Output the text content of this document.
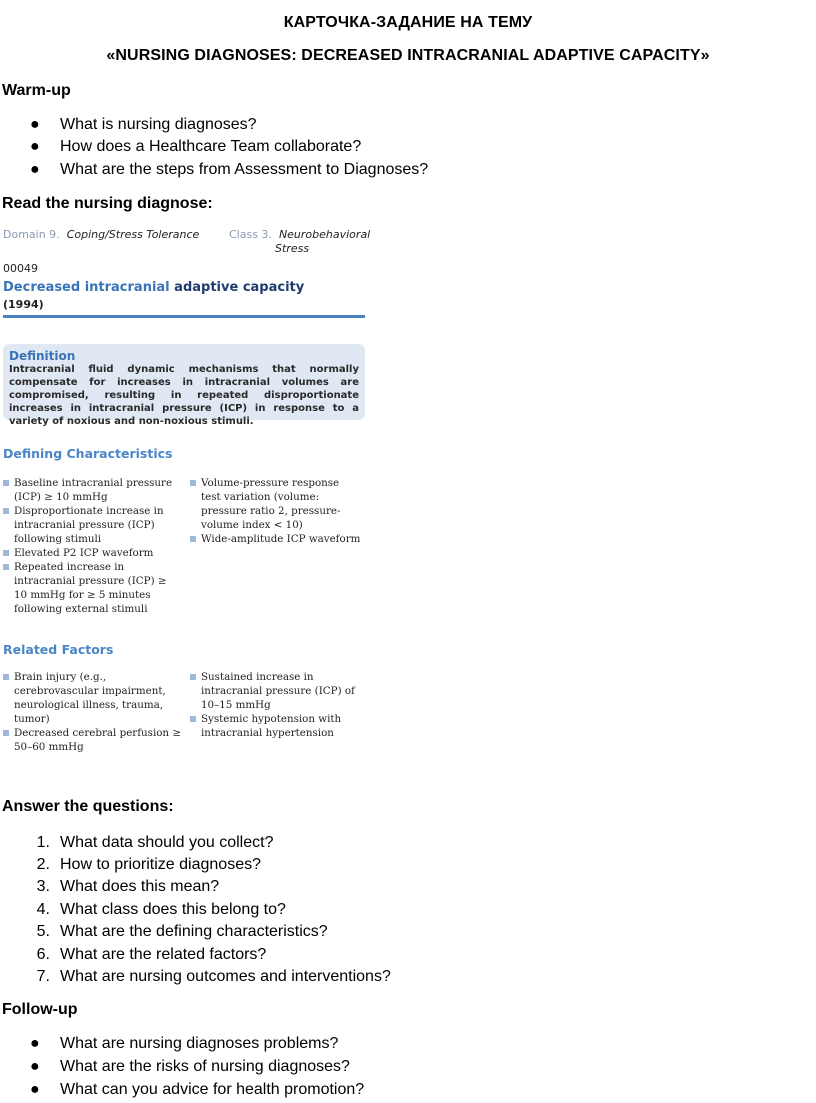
КАРТОЧКА-ЗАДАНИЕ НА ТЕМУ
«NURSING DIAGNOSES: DECREASED INTRACRANIAL ADAPTIVE CAPACITY»
Warm-up
●	What is nursing diagnoses?
●	How does a Healthcare Team collaborate?
●	What are the steps from Assessment to Diagnoses?
Read the nursing diagnose:
Domain 9. Coping/Stress Tolerance	Class 3. Neurobehavioral
Stress
00049
Decreased intracranial adaptive capacity
(1994)
Definition
Intracranial fluid dynamic mechanisms that normally compensate for increases in intracranial volumes are compromised, resulting in repeated disproportionate increases in intracranial pressure (ICP) in response to a variety of noxious and non-noxious stimuli.
Defining Characteristics
Baseline intracranial pressure (ICP) ≥ 10 mmHg
Disproportionate increase in intracranial pressure (ICP) following stimuli
Elevated P2 ICP waveform
Repeated increase in intracranial pressure (ICP) ≥ 10 mmHg for ≥ 5 minutes following external stimuli
Volume-pressure response test variation (volume: pressure ratio 2, pressure-volume index < 10)
Wide-amplitude ICP waveform
Related Factors
Brain injury (e.g., cerebrovascular impairment, neurological illness, trauma, tumor)
Decreased cerebral perfusion ≥ 50–60 mmHg
Sustained increase in intracranial pressure (ICP) of 10–15 mmHg
Systemic hypotension with intracranial hypertension
Answer the questions:
1. What data should you collect?
2. How to prioritize diagnoses?
3. What does this mean?
4. What class does this belong to?
5. What are the defining characteristics?
6. What are the related factors?
7. What are nursing outcomes and interventions?
Follow-up
●	What are nursing diagnoses problems?
●	What are the risks of nursing diagnoses?
●	What can you advice for health promotion?
